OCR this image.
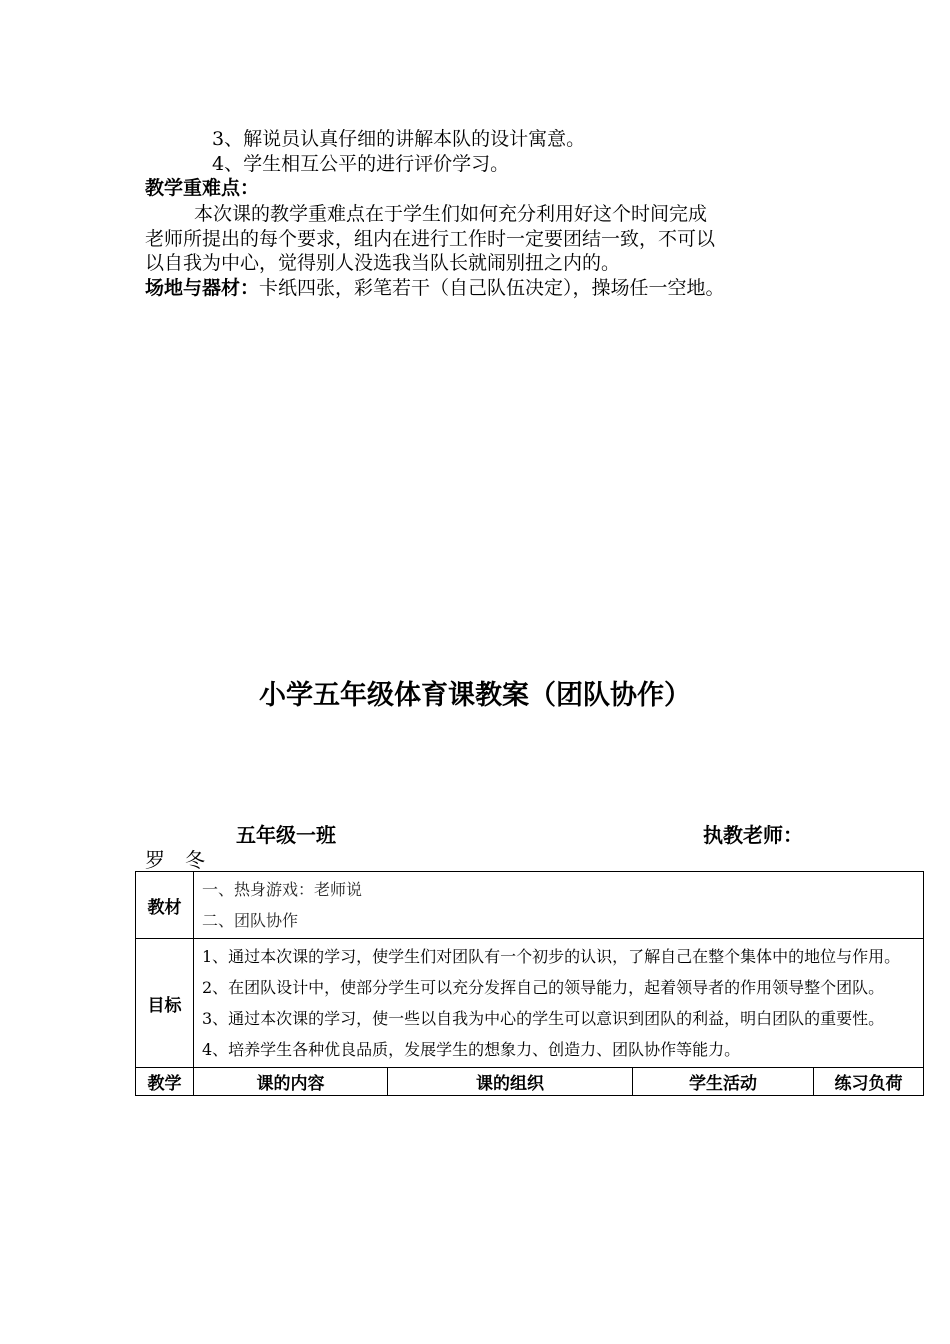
3、解说员认真仔细的讲解本队的设计寓意。
4、学生相互公平的进行评价学习。
教学重难点：
本次课的教学重难点在于学生们如何充分利用好这个时间完成
老师所提出的每个要求，组内在进行工作时一定要团结一致，不可以
以自我为中心，觉得别人没选我当队长就闹别扭之内的。
场地与器材：卡纸四张，彩笔若干（自己队伍决定），操场任一空地。
小学五年级体育课教案（团队协作）
五年级一班	执教老师：
罗　冬
教材	一、热身游戏：老师说
二、团队协作			

目标	1、通过本次课的学习，使学生们对团队有一个初步的认识，了解自己在整个集体中的地位与作用。
2、在团队设计中，使部分学生可以充分发挥自己的领导能力，起着领导者的作用领导整个团队。
3、通过本次课的学习，使一些以自我为中心的学生可以意识到团队的利益，明白团队的重要性。
4、培养学生各种优良品质，发展学生的想象力、创造力、团队协作等能力。			

教学	课的内容	课的组织	学生活动	练习负荷
